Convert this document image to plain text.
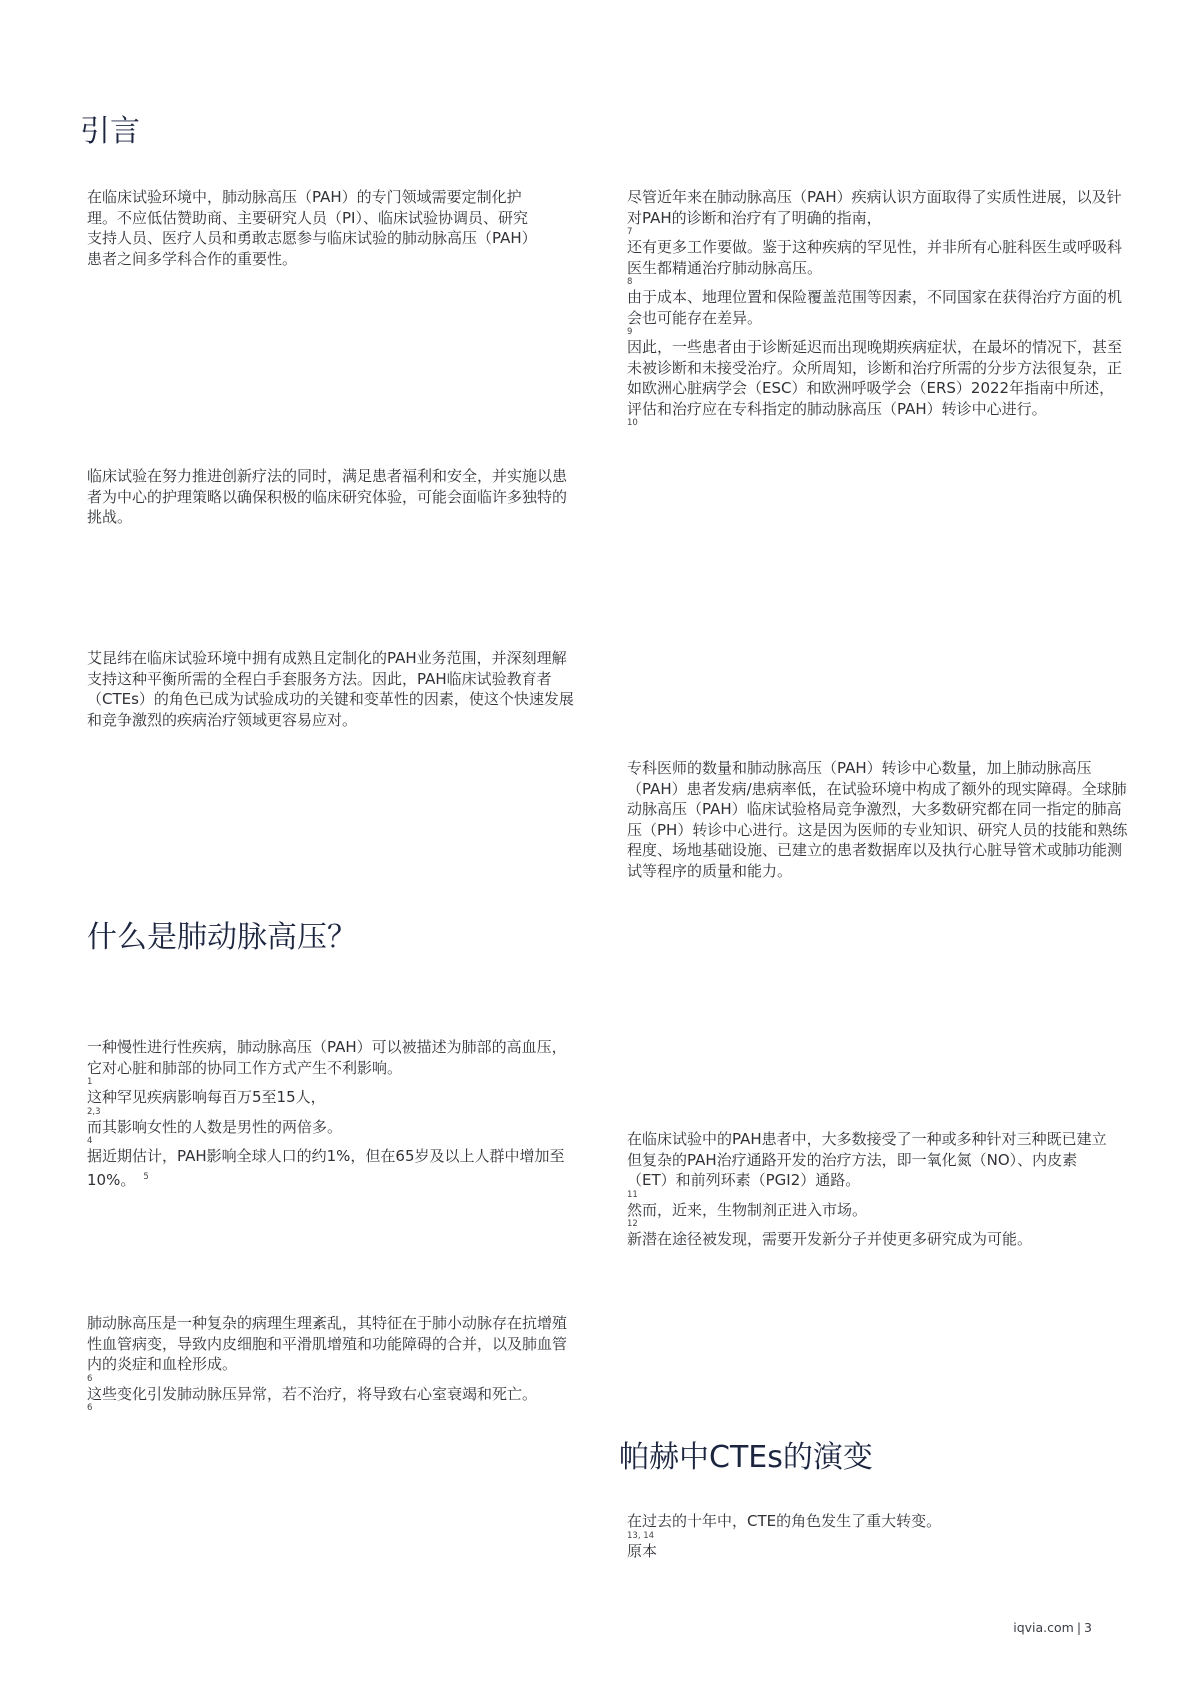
引言

在临床试验环境中，肺动脉高压（PAH）的专门领域需要定制化护理。不应低估赞助商、主要研究人员（PI）、临床试验协调员、研究支持人员、医疗人员和勇敢志愿参与临床试验的肺动脉高压（PAH）患者之间多学科合作的重要性。

临床试验在努力推进创新疗法的同时，满足患者福利和安全，并实施以患者为中心的护理策略以确保积极的临床研究体验，可能会面临许多独特的挑战。

艾昆纬在临床试验环境中拥有成熟且定制化的PAH业务范围，并深刻理解支持这种平衡所需的全程白手套服务方法。因此，PAH临床试验教育者（CTEs）的角色已成为试验成功的关键和变革性的因素，使这个快速发展和竞争激烈的疾病治疗领域更容易应对。

什么是肺动脉高压？
一种慢性进行性疾病，肺动脉高压（PAH）可以被描述为肺部的高血压，它对心脏和肺部的协同工作方式产生不利影响。
1
这种罕见疾病影响每百万5至15人，
2,3
而其影响女性的人数是男性的两倍多。
4
据近期估计，PAH影响全球人口的约1%，但在65岁及以上人群中增加至10%。 $^5$
肺动脉高压是一种复杂的病理生理紊乱，其特征在于肺小动脉存在抗增殖性血管病变，导致内皮细胞和平滑肌增殖和功能障碍的合并，以及肺血管内的炎症和血栓形成。
6
这些变化引发肺动脉压异常，若不治疗，将导致右心室衰竭和死亡。
6
尽管近年来在肺动脉高压（PAH）疾病认识方面取得了实质性进展，以及针对PAH的诊断和治疗有了明确的指南，
7
还有更多工作要做。鉴于这种疾病的罕见性，并非所有心脏科医生或呼吸科医生都精通治疗肺动脉高压。
8
由于成本、地理位置和保险覆盖范围等因素，不同国家在获得治疗方面的机会也可能存在差异。
9
因此，一些患者由于诊断延迟而出现晚期疾病症状，在最坏的情况下，甚至未被诊断和未接受治疗。众所周知，诊断和治疗所需的分步方法很复杂，正如欧洲心脏病学会（ESC）和欧洲呼吸学会（ERS）2022年指南中所述，评估和治疗应在专科指定的肺动脉高压（PAH）转诊中心进行。
10

专科医师的数量和肺动脉高压（PAH）转诊中心数量，加上肺动脉高压（PAH）患者发病/患病率低，在试验环境中构成了额外的现实障碍。全球肺动脉高压（PAH）临床试验格局竞争激烈，大多数研究都在同一指定的肺高压（PH）转诊中心进行。这是因为医师的专业知识、研究人员的技能和熟练程度、场地基础设施、已建立的患者数据库以及执行心脏导管术或肺功能测试等程序的质量和能力。

在临床试验中的PAH患者中，大多数接受了一种或多种针对三种既已建立但复杂的PAH治疗通路开发的治疗方法，即一氧化氮（NO）、内皮素（ET）和前列环素（PGI2）通路。
11
然而，近来，生物制剂正进入市场。
12
新潜在途径被发现，需要开发新分子并使更多研究成为可能。
帕赫中CTEs的演变
在过去的十年中，CTE的角色发生了重大转变。
13, 14
原本
iqvia.com | 3
